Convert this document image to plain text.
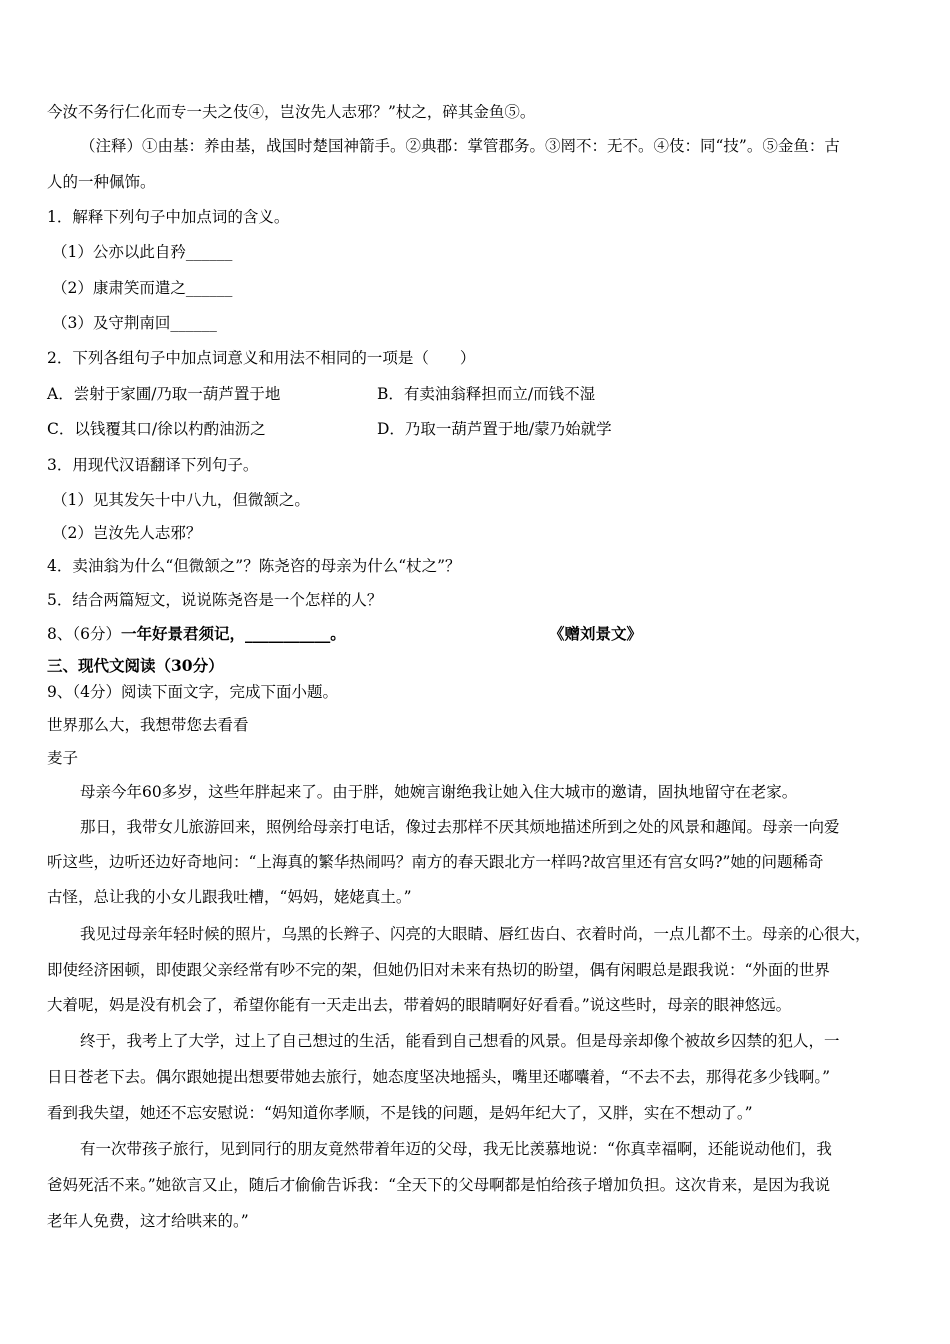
今汝不务行仁化而专一夫之伎④，岂汝先人志邪？”杖之，碎其金鱼⑤。
（注释）①由基：养由基，战国时楚国神箭手。②典郡：掌管郡务。③罔不：无不。④伎：同“技”。⑤金鱼：古
人的一种佩饰。
1．解释下列句子中加点词的含义。
（1）公亦以此自矜______
（2）康肃笑而遣之______
（3）及守荆南回______
2．下列各组句子中加点词意义和用法不相同的一项是（　　）
A．尝射于家圃/乃取一葫芦置于地	B．有卖油翁释担而立/而钱不湿
C．以钱覆其口/徐以杓酌油沥之	D．乃取一葫芦置于地/蒙乃始就学
3．用现代汉语翻译下列句子。
（1）见其发矢十中八九，但微颔之。
（2）岂汝先人志邪？
4．卖油翁为什么“但微颔之”？陈尧咨的母亲为什么“杖之”？
5．结合两篇短文，说说陈尧咨是一个怎样的人？
8、（6分）一年好景君须记，___________。	《赠刘景文》
三、现代文阅读（30分）
9、（4分）阅读下面文字，完成下面小题。
世界那么大，我想带您去看看
麦子
母亲今年60多岁，这些年胖起来了。由于胖，她婉言谢绝我让她入住大城市的邀请，固执地留守在老家。
那日，我带女儿旅游回来，照例给母亲打电话，像过去那样不厌其烦地描述所到之处的风景和趣闻。母亲一向爱
听这些，边听还边好奇地问：“上海真的繁华热闹吗？南方的春天跟北方一样吗?故宫里还有宫女吗?”她的问题稀奇
古怪，总让我的小女儿跟我吐槽，“妈妈，姥姥真土。”
我见过母亲年轻时候的照片，乌黑的长辫子、闪亮的大眼睛、唇红齿白、衣着时尚，一点儿都不土。母亲的心很大，
即使经济困顿，即使跟父亲经常有吵不完的架，但她仍旧对未来有热切的盼望，偶有闲暇总是跟我说：“外面的世界
大着呢，妈是没有机会了，希望你能有一天走出去，带着妈的眼睛啊好好看看。”说这些时，母亲的眼神悠远。
终于，我考上了大学，过上了自己想过的生活，能看到自己想看的风景。但是母亲却像个被故乡囚禁的犯人，一
日日苍老下去。偶尔跟她提出想要带她去旅行，她态度坚决地摇头，嘴里还嘟囔着，“不去不去，那得花多少钱啊。”
看到我失望，她还不忘安慰说：“妈知道你孝顺，不是钱的问题，是妈年纪大了，又胖，实在不想动了。”
有一次带孩子旅行，见到同行的朋友竟然带着年迈的父母，我无比羡慕地说：“你真幸福啊，还能说动他们，我
爸妈死活不来。”她欲言又止，随后才偷偷告诉我：“全天下的父母啊都是怕给孩子增加负担。这次肯来，是因为我说
老年人免费，这才给哄来的。”
